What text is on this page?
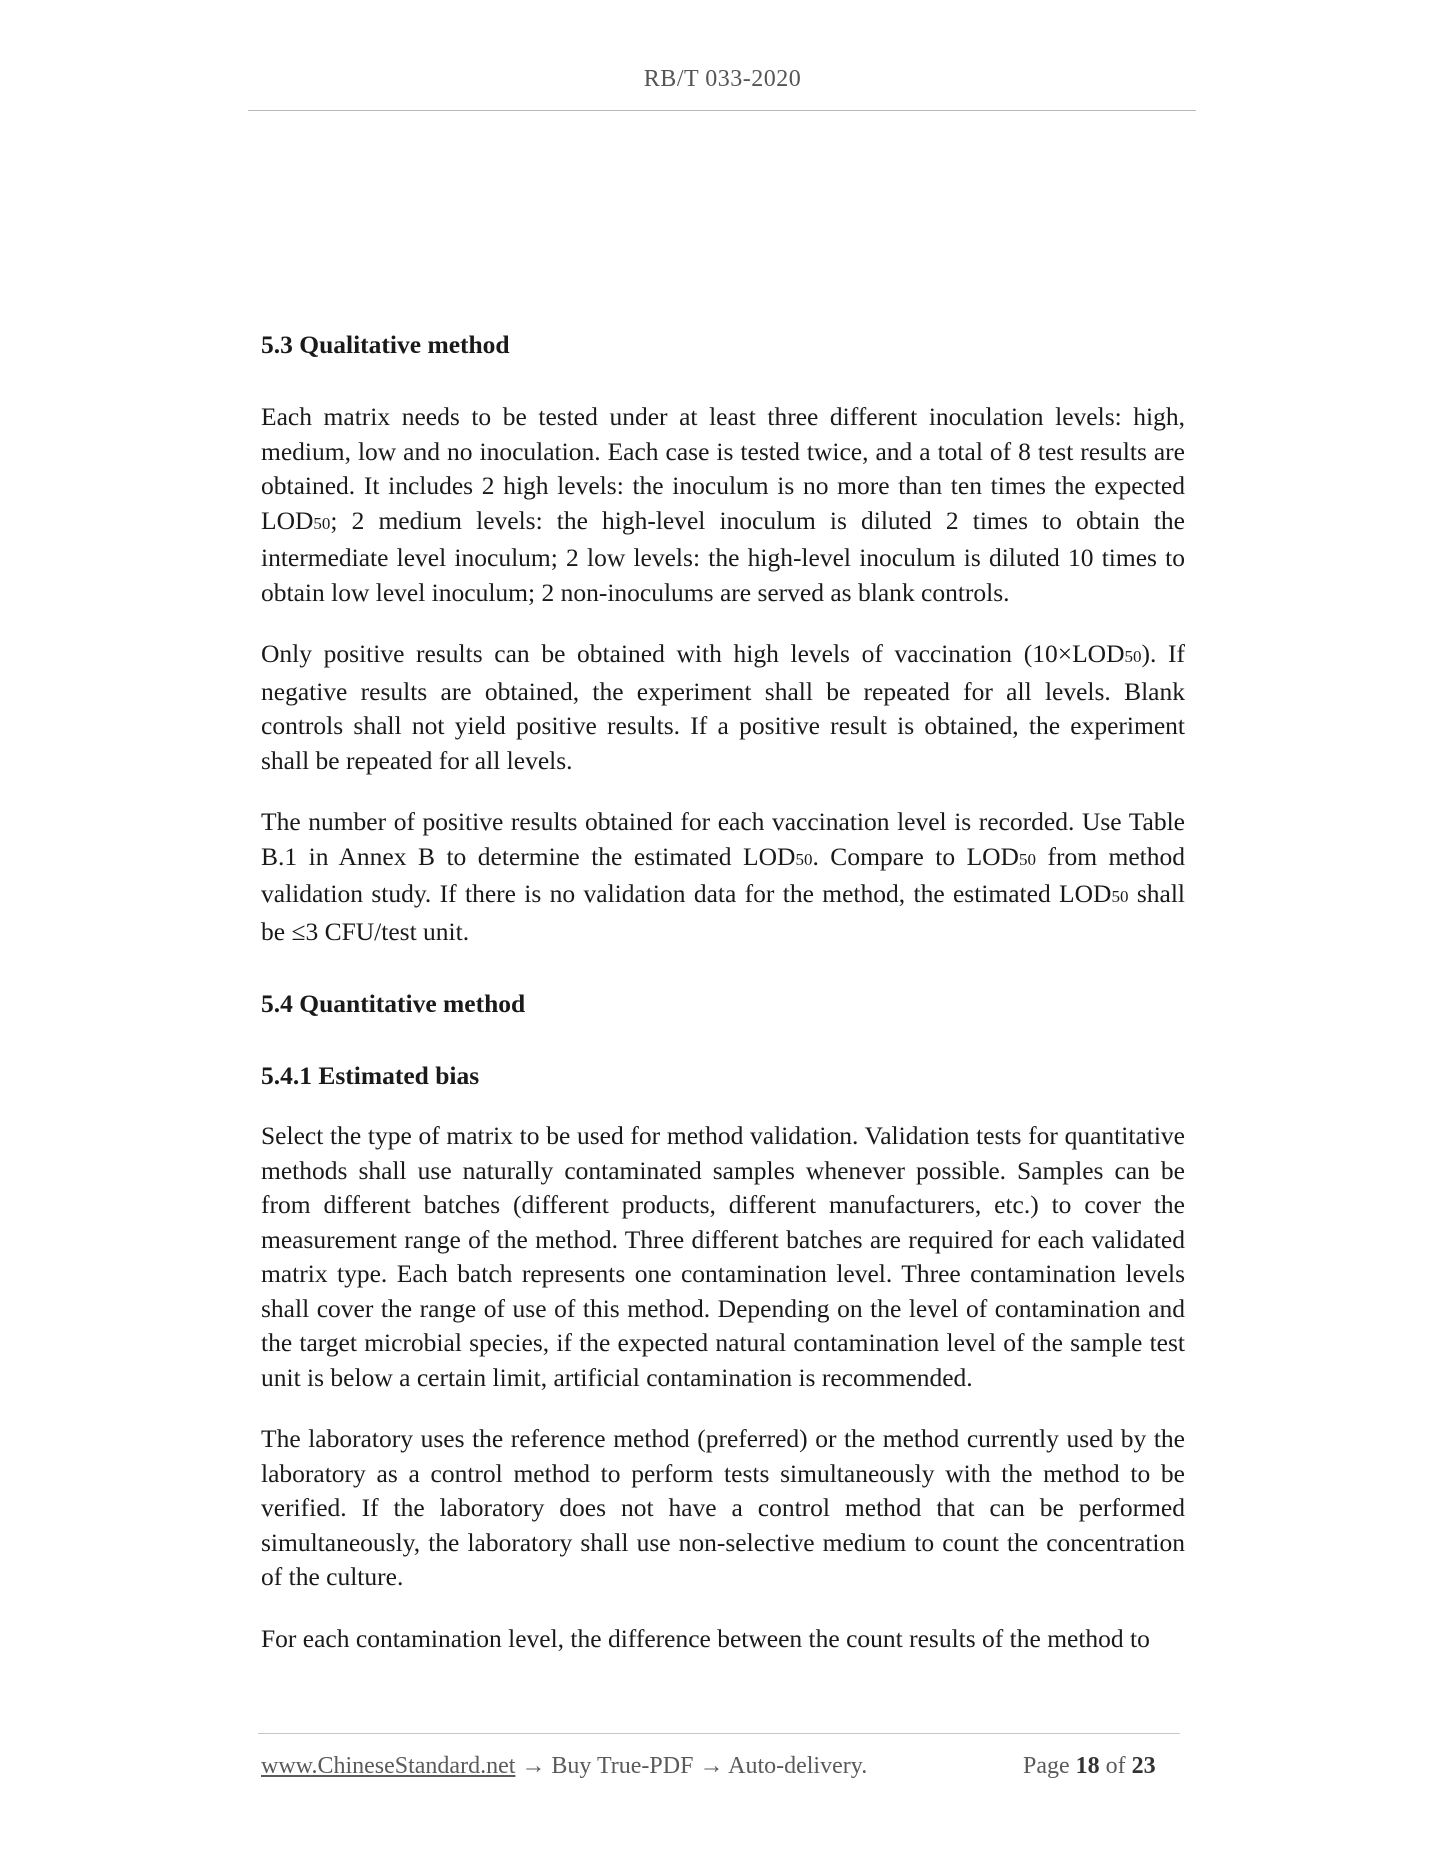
RB/T 033-2020
5.3 Qualitative method

Each matrix needs to be tested under at least three different inoculation levels: high, medium, low and no inoculation. Each case is tested twice, and a total of 8 test results are obtained. It includes 2 high levels: the inoculum is no more than ten times the expected LOD50; 2 medium levels: the high-level inoculum is diluted 2 times to obtain the intermediate level inoculum; 2 low levels: the high-level inoculum is diluted 10 times to obtain low level inoculum; 2 non-inoculums are served as blank controls.

Only positive results can be obtained with high levels of vaccination (10×LOD50). If negative results are obtained, the experiment shall be repeated for all levels. Blank controls shall not yield positive results. If a positive result is obtained, the experiment shall be repeated for all levels.

The number of positive results obtained for each vaccination level is recorded. Use Table B.1 in Annex B to determine the estimated LOD50. Compare to LOD50 from method validation study. If there is no validation data for the method, the estimated LOD50 shall be ≤3 CFU/test unit.

5.4 Quantitative method
5.4.1 Estimated bias

Select the type of matrix to be used for method validation. Validation tests for quantitative methods shall use naturally contaminated samples whenever possible. Samples can be from different batches (different products, different manufacturers, etc.) to cover the measurement range of the method. Three different batches are required for each validated matrix type. Each batch represents one contamination level. Three contamination levels shall cover the range of use of this method. Depending on the level of contamination and the target microbial species, if the expected natural contamination level of the sample test unit is below a certain limit, artificial contamination is recommended.

The laboratory uses the reference method (preferred) or the method currently used by the laboratory as a control method to perform tests simultaneously with the method to be verified. If the laboratory does not have a control method that can be performed simultaneously, the laboratory shall use non-selective medium to count the concentration of the culture.

For each contamination level, the difference between the count results of the method to

www.ChineseStandard.net → Buy True-PDF → Auto-delivery.	Page 18 of 23
